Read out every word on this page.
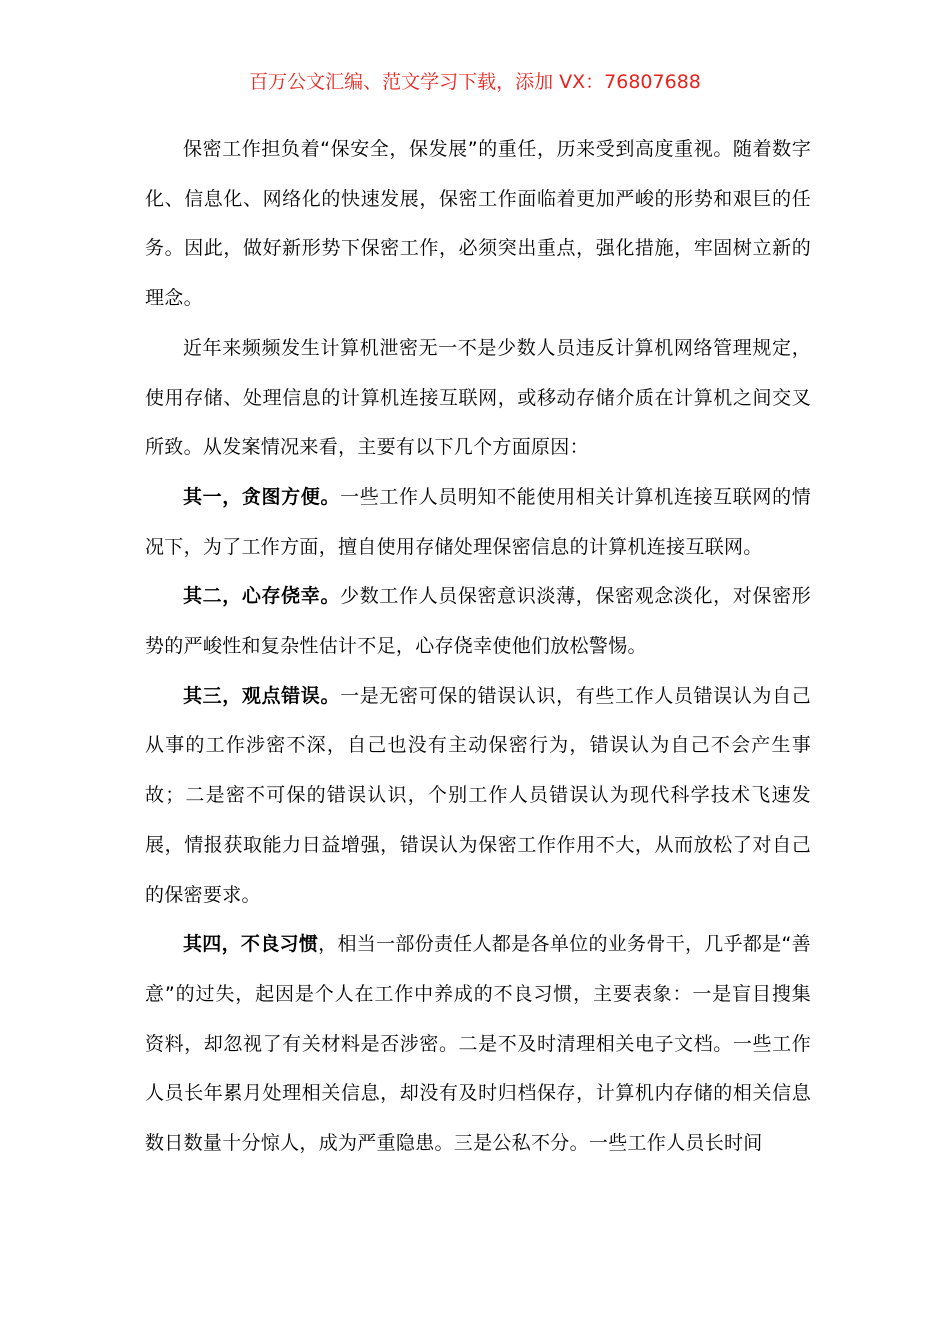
百万公文汇编、范文学习下载，添加 VX：76807688

保密工作担负着“保安全，保发展”的重任，历来受到高度重视。随着数字化、信息化、网络化的快速发展，保密工作面临着更加严峻的形势和艰巨的任务。因此，做好新形势下保密工作，必须突出重点，强化措施，牢固树立新的理念。

近年来频频发生计算机泄密无一不是少数人员违反计算机网络管理规定，使用存储、处理信息的计算机连接互联网，或移动存储介质在计算机之间交叉所致。从发案情况来看，主要有以下几个方面原因：

其一，贪图方便。一些工作人员明知不能使用相关计算机连接互联网的情况下，为了工作方面，擅自使用存储处理保密信息的计算机连接互联网。

其二，心存侥幸。少数工作人员保密意识淡薄，保密观念淡化，对保密形势的严峻性和复杂性估计不足，心存侥幸使他们放松警惕。

其三，观点错误。一是无密可保的错误认识，有些工作人员错误认为自己从事的工作涉密不深，自己也没有主动保密行为，错误认为自己不会产生事故；二是密不可保的错误认识，个别工作人员错误认为现代科学技术飞速发展，情报获取能力日益增强，错误认为保密工作作用不大，从而放松了对自己的保密要求。

其四，不良习惯，相当一部份责任人都是各单位的业务骨干，几乎都是“善意”的过失，起因是个人在工作中养成的不良习惯，主要表象：一是盲目搜集资料，却忽视了有关材料是否涉密。二是不及时清理相关电子文档。一些工作人员长年累月处理相关信息，却没有及时归档保存，计算机内存储的相关信息数日数量十分惊人，成为严重隐患。三是公私不分。一些工作人员长时间
